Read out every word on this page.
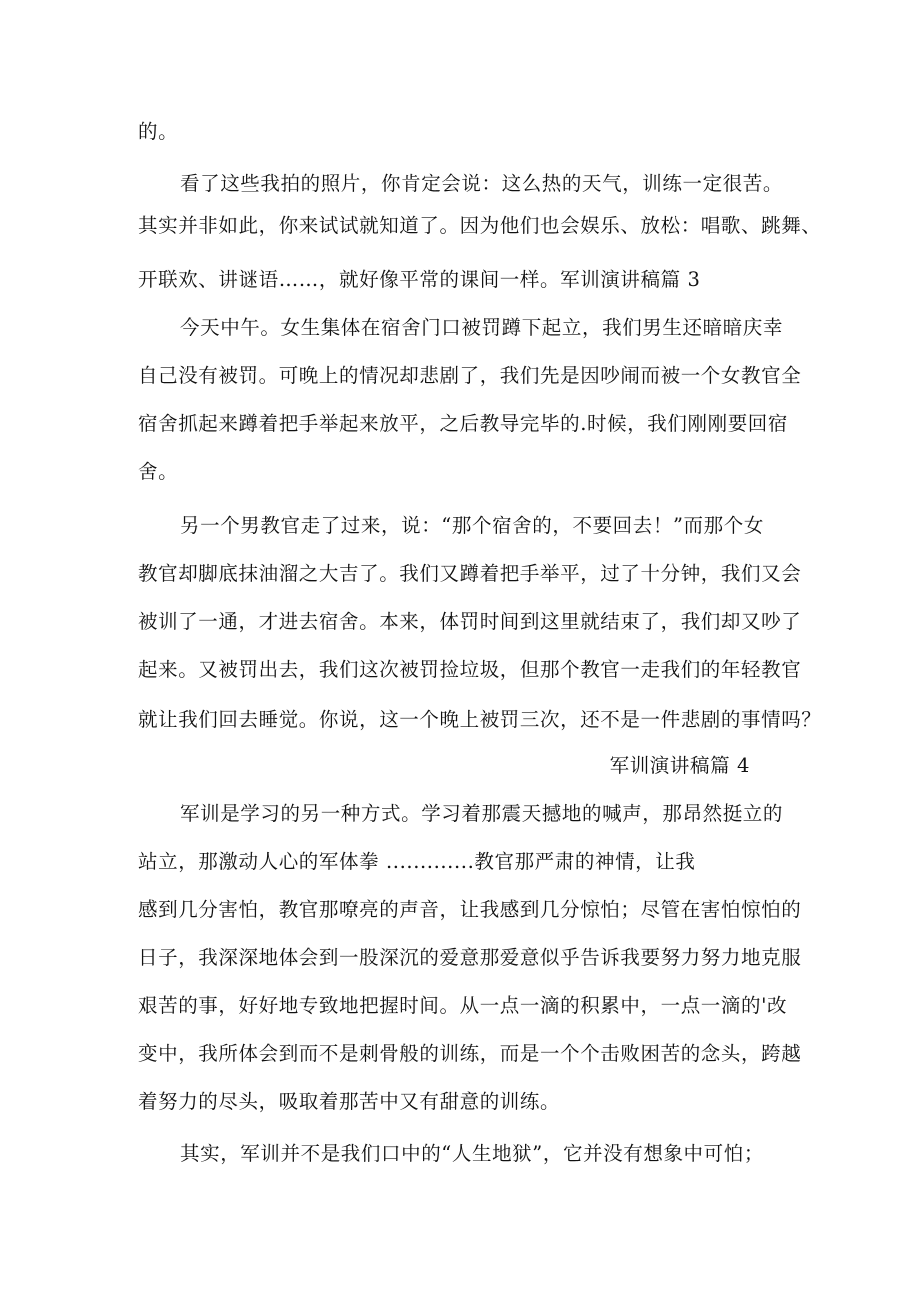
的。
看了这些我拍的照片，你肯定会说：这么热的天气，训练一定很苦。
其实并非如此，你来试试就知道了。因为他们也会娱乐、放松：唱歌、跳舞、
开联欢、讲谜语……，就好像平常的课间一样。军训演讲稿篇 3
今天中午。女生集体在宿舍门口被罚蹲下起立，我们男生还暗暗庆幸
自己没有被罚。可晚上的情况却悲剧了，我们先是因吵闹而被一个女教官全
宿舍抓起来蹲着把手举起来放平，之后教导完毕的.时候，我们刚刚要回宿
舍。
另一个男教官走了过来，说：“那个宿舍的，不要回去！”而那个女
教官却脚底抹油溜之大吉了。我们又蹲着把手举平，过了十分钟，我们又会
被训了一通，才进去宿舍。本来，体罚时间到这里就结束了，我们却又吵了
起来。又被罚出去，我们这次被罚捡垃圾，但那个教官一走我们的年轻教官
就让我们回去睡觉。你说，这一个晚上被罚三次，还不是一件悲剧的事情吗？
军训演讲稿篇 4
军训是学习的另一种方式。学习着那震天撼地的喊声，那昂然挺立的
站立，那激动人心的军体拳 .............教官那严肃的神情，让我
感到几分害怕，教官那嘹亮的声音，让我感到几分惊怕；尽管在害怕惊怕的
日子，我深深地体会到一股深沉的爱意那爱意似乎告诉我要努力努力地克服
艰苦的事，好好地专致地把握时间。从一点一滴的积累中，一点一滴的'改
变中，我所体会到而不是刺骨般的训练，而是一个个击败困苦的念头，跨越
着努力的尽头，吸取着那苦中又有甜意的训练。
其实，军训并不是我们口中的“人生地狱”，它并没有想象中可怕；
